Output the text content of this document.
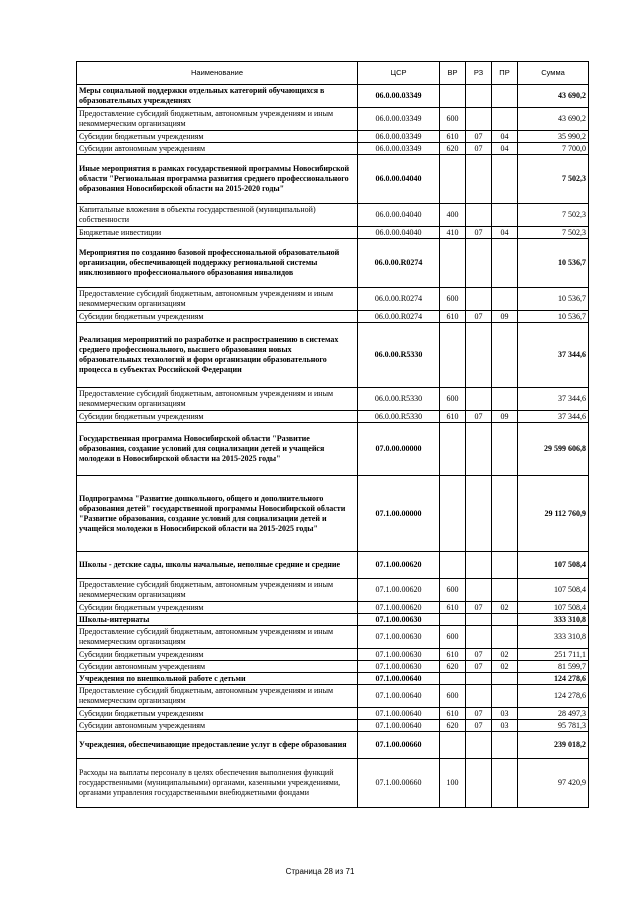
Наименование	ЦСР	ВР	РЗ	ПР	Сумма
Меры социальной поддержки отдельных категорий обучающихся в образовательных учреждениях	06.0.00.03349				43 690,2
Предоставление субсидий бюджетным, автономным учреждениям и иным некоммерческим организациям	06.0.00.03349	600			43 690,2
Субсидии бюджетным учреждениям	06.0.00.03349	610	07	04	35 990,2
Субсидии автономным учреждениям	06.0.00.03349	620	07	04	7 700,0
Иные мероприятия в рамках государственной программы Новосибирской области "Региональная программа развития среднего профессионального образования Новосибирской области на 2015-2020 годы"	06.0.00.04040				7 502,3
Капитальные вложения в объекты государственной (муниципальной) собственности	06.0.00.04040	400			7 502,3
Бюджетные инвестиции	06.0.00.04040	410	07	04	7 502,3
Мероприятия по созданию базовой профессиональной образовательной организации, обеспечивающей поддержку региональной системы инклюзивного профессионального образования инвалидов	06.0.00.R0274				10 536,7
Предоставление субсидий бюджетным, автономным учреждениям и иным некоммерческим организациям	06.0.00.R0274	600			10 536,7
Субсидии бюджетным учреждениям	06.0.00.R0274	610	07	09	10 536,7
Реализация мероприятий по разработке и распространению в системах среднего профессионального, высшего образования новых образовательных технологий и форм организации образовательного процесса в субъектах Российской Федерации	06.0.00.R5330				37 344,6
Предоставление субсидий бюджетным, автономным учреждениям и иным некоммерческим организациям	06.0.00.R5330	600			37 344,6
Субсидии бюджетным учреждениям	06.0.00.R5330	610	07	09	37 344,6
Государственная программа Новосибирской области "Развитие образования, создание условий для социализации детей и учащейся молодежи в Новосибирской области на 2015-2025 годы"	07.0.00.00000				29 599 606,8
Подпрограмма "Развитие дошкольного, общего и дополнительного образования детей" государственной программы Новосибирской области "Развитие образования, создание условий для социализации детей и учащейся молодежи в Новосибирской области на 2015-2025 годы"	07.1.00.00000				29 112 760,9
Школы - детские сады, школы начальные, неполные средние и средние	07.1.00.00620				107 508,4
Предоставление субсидий бюджетным, автономным учреждениям и иным некоммерческим организациям	07.1.00.00620	600			107 508,4
Субсидии бюджетным учреждениям	07.1.00.00620	610	07	02	107 508,4
Школы-интернаты	07.1.00.00630				333 310,8
Предоставление субсидий бюджетным, автономным учреждениям и иным некоммерческим организациям	07.1.00.00630	600			333 310,8
Субсидии бюджетным учреждениям	07.1.00.00630	610	07	02	251 711,1
Субсидии автономным учреждениям	07.1.00.00630	620	07	02	81 599,7
Учреждения по внешкольной работе с детьми	07.1.00.00640				124 278,6
Предоставление субсидий бюджетным, автономным учреждениям и иным некоммерческим организациям	07.1.00.00640	600			124 278,6
Субсидии бюджетным учреждениям	07.1.00.00640	610	07	03	28 497,3
Субсидии автономным учреждениям	07.1.00.00640	620	07	03	95 781,3
Учреждения, обеспечивающие предоставление услуг в сфере образования	07.1.00.00660				239 018,2
Расходы на выплаты персоналу в целях обеспечения выполнения функций государственными (муниципальными) органами, казенными учреждениями, органами управления государственными внебюджетными фондами	07.1.00.00660	100			97 420,9
Страница 28 из 71
